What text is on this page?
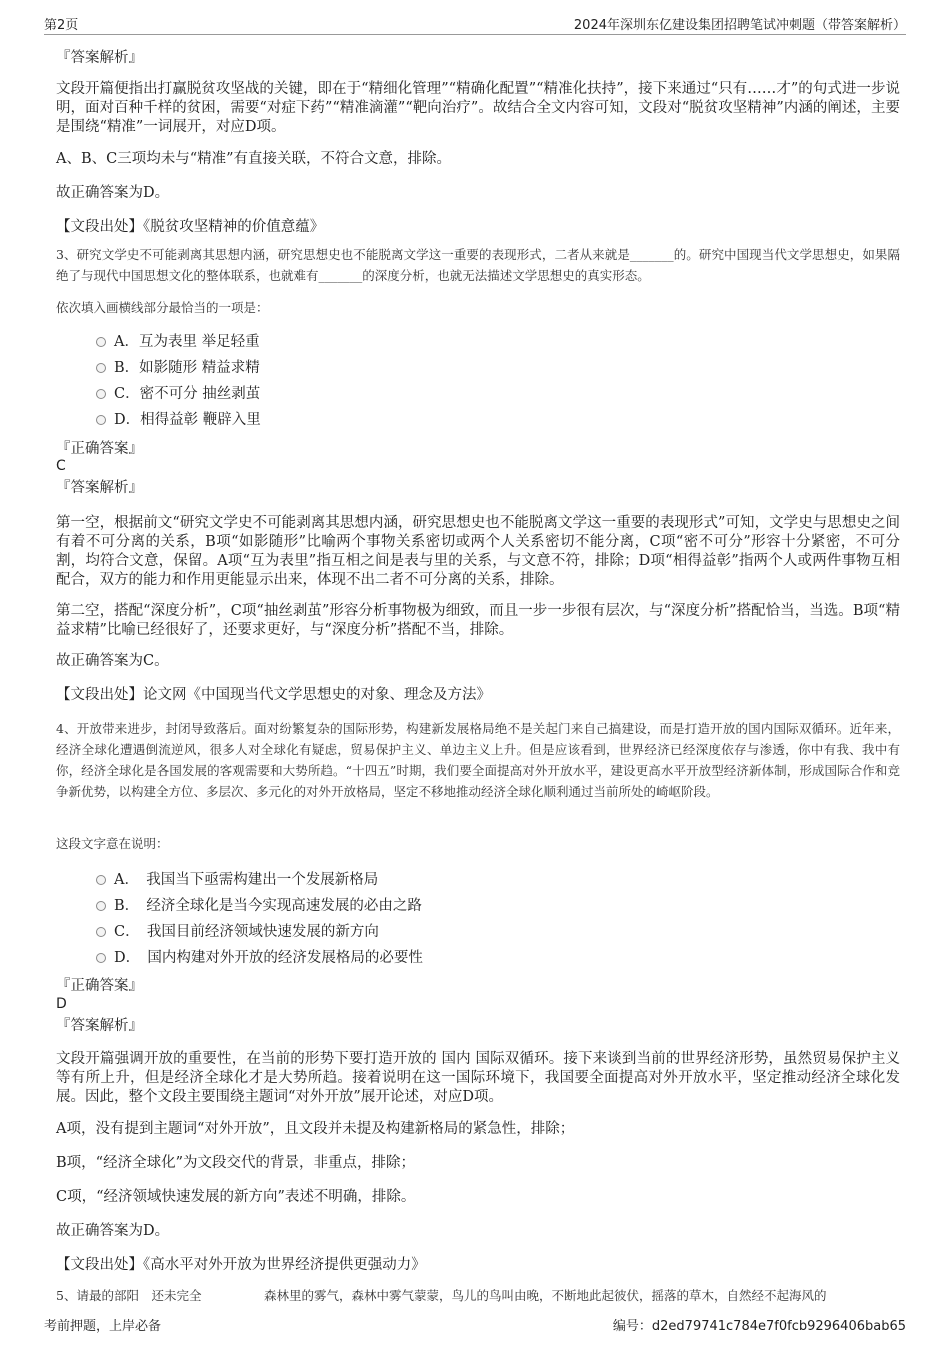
第2页	2024年深圳东亿建设集团招聘笔试冲刺题（带答案解析）
『答案解析』
文段开篇便指出打赢脱贫攻坚战的关键，即在于“精细化管理”“精确化配置”“精准化扶持”，接下来通过“只有……才”的句式进一步说明，面对百种千样的贫困，需要“对症下药”“精准滴灌”“靶向治疗”。故结合全文内容可知，文段对“脱贫攻坚精神”内涵的阐述，主要是围绕“精准”一词展开，对应D项。
A、B、C三项均未与“精准”有直接关联，不符合文意，排除。
故正确答案为D。
【文段出处】《脱贫攻坚精神的价值意蕴》
3、研究文学史不可能剥离其思想内涵，研究思想史也不能脱离文学这一重要的表现形式，二者从来就是_______的。研究中国现当代文学思想史，如果隔绝了与现代中国思想文化的整体联系，也就难有_______的深度分析，也就无法描述文学思想史的真实形态。
依次填入画横线部分最恰当的一项是：
A．互为表里 举足轻重
B．如影随形 精益求精
C．密不可分 抽丝剥茧
D．相得益彰 鞭辟入里
『正确答案』
C
『答案解析』
第一空，根据前文“研究文学史不可能剥离其思想内涵，研究思想史也不能脱离文学这一重要的表现形式”可知，文学史与思想史之间有着不可分离的关系，B项“如影随形”比喻两个事物关系密切或两个人关系密切不能分离，C项“密不可分”形容十分紧密，不可分割，均符合文意，保留。A项“互为表里”指互相之间是表与里的关系，与文意不符，排除；D项“相得益彰”指两个人或两件事物互相配合，双方的能力和作用更能显示出来，体现不出二者不可分离的关系，排除。
第二空，搭配“深度分析”，C项“抽丝剥茧”形容分析事物极为细致，而且一步一步很有层次，与“深度分析”搭配恰当，当选。B项“精益求精”比喻已经很好了，还要求更好，与“深度分析”搭配不当，排除。
故正确答案为C。
【文段出处】论文网《中国现当代文学思想史的对象、理念及方法》
4、开放带来进步，封闭导致落后。面对纷繁复杂的国际形势，构建新发展格局绝不是关起门来自己搞建设，而是打造开放的国内国际双循环。近年来，经济全球化遭遇倒流逆风，很多人对全球化有疑虑，贸易保护主义、单边主义上升。但是应该看到，世界经济已经深度依存与渗透，你中有我、我中有你，经济全球化是各国发展的客观需要和大势所趋。“十四五”时期，我们要全面提高对外开放水平，建设更高水平开放型经济新体制，形成国际合作和竞争新优势，以构建全方位、多层次、多元化的对外开放格局，坚定不移地推动经济全球化顺利通过当前所处的崎岖阶段。
这段文字意在说明：
A．　我国当下亟需构建出一个发展新格局
B．　经济全球化是当今实现高速发展的必由之路
C．　我国目前经济领域快速发展的新方向
D．　国内构建对外开放的经济发展格局的必要性
『正确答案』
D
『答案解析』
文段开篇强调开放的重要性，在当前的形势下要打造开放的 国内 国际双循环。接下来谈到当前的世界经济形势，虽然贸易保护主义等有所上升，但是经济全球化才是大势所趋。接着说明在这一国际环境下，我国要全面提高对外开放水平，坚定推动经济全球化发展。因此，整个文段主要围绕主题词“对外开放”展开论述，对应D项。
A项，没有提到主题词“对外开放”，且文段并未提及构建新格局的紧急性，排除；
B项，“经济全球化”为文段交代的背景，非重点，排除；
C项，“经济领域快速发展的新方向”表述不明确，排除。
故正确答案为D。
【文段出处】《高水平对外开放为世界经济提供更强动力》
5、请最的部阳　还未完全　　　　　森林里的雾气，森林中雾气蒙蒙，鸟儿的鸟叫由晚，不断地此起彼伏，摇落的草木，自然经不起海风的
考前押题，上岸必备	编号：d2ed79741c784e7f0fcb9296406bab65
